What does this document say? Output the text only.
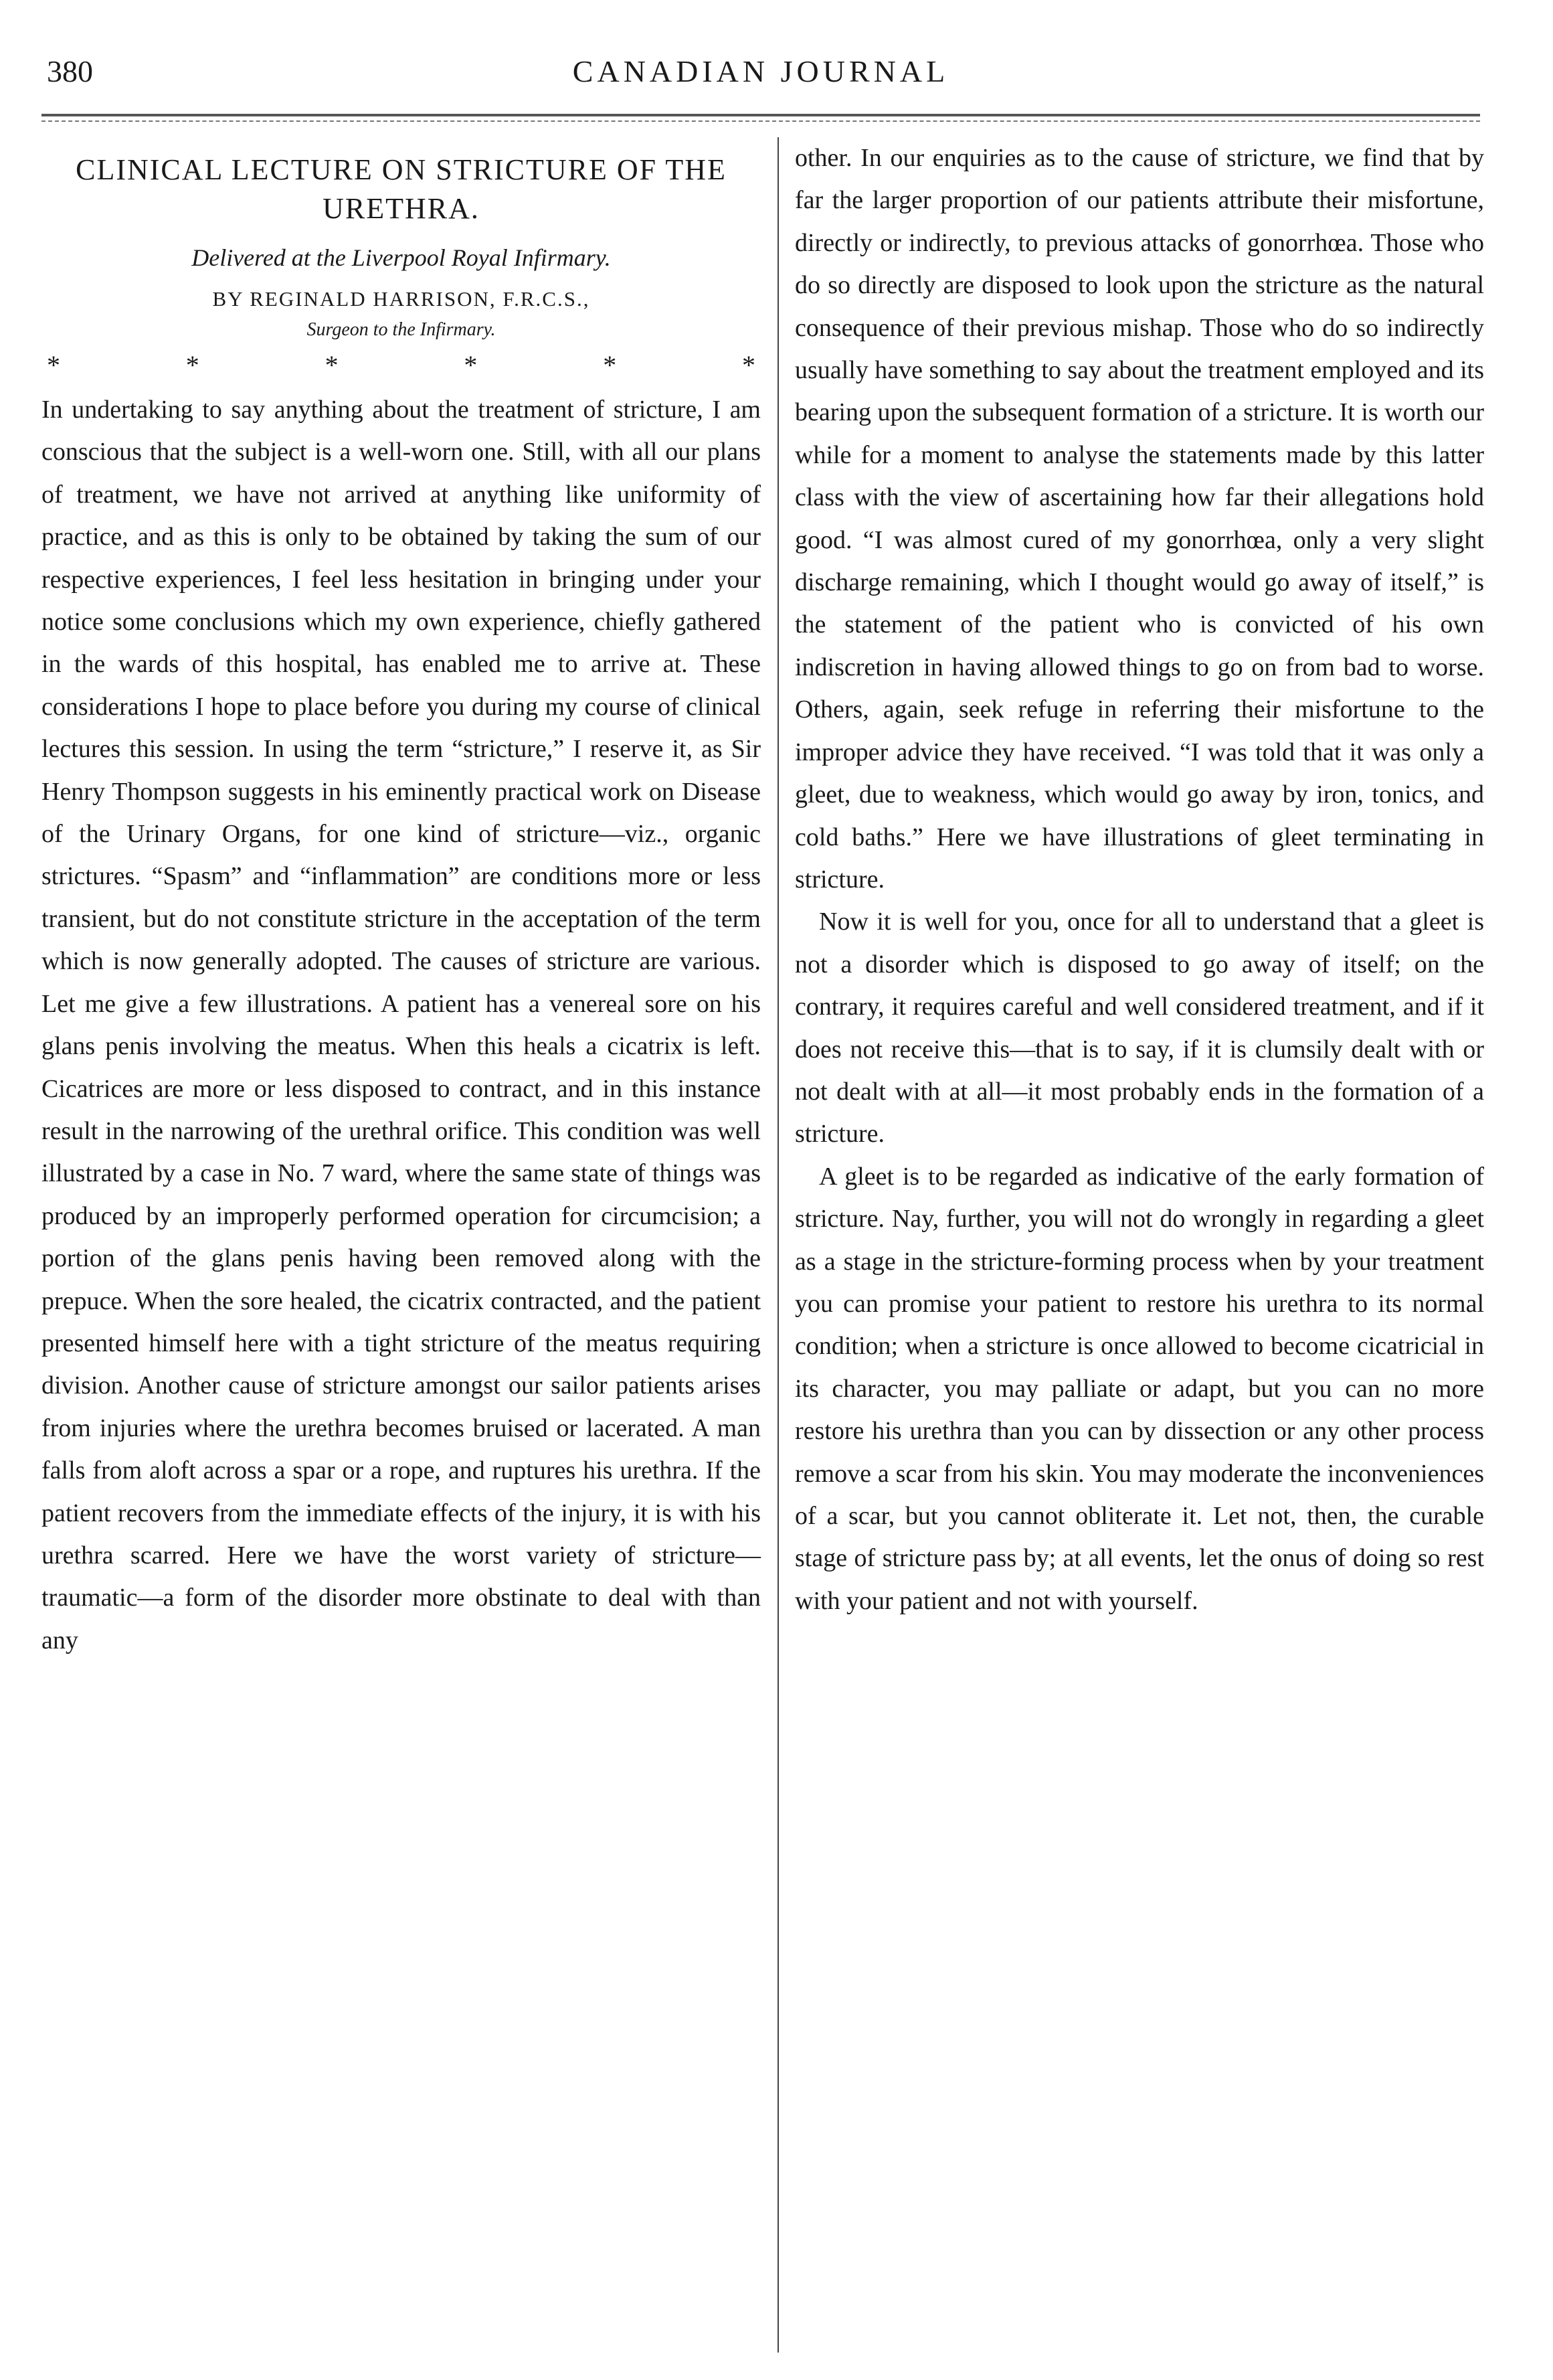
380	CANADIAN JOURNAL
CLINICAL LECTURE ON STRICTURE OF THE URETHRA.
Delivered at the Liverpool Royal Infirmary.
BY REGINALD HARRISON, F.R.C.S.,
Surgeon to the Infirmary.
*	*	*	*	*	*

In undertaking to say anything about the treatment of stricture, I am conscious that the subject is a well-worn one. Still, with all our plans of treatment, we have not arrived at anything like uniformity of practice, and as this is only to be obtained by taking the sum of our respective experiences, I feel less hesitation in bringing under your notice some conclusions which my own experience, chiefly gathered in the wards of this hospital, has enabled me to arrive at. These considerations I hope to place before you during my course of clinical lectures this session. In using the term “stricture,” I reserve it, as Sir Henry Thompson suggests in his eminently practical work on Disease of the Urinary Organs, for one kind of stricture—viz., organic strictures. “Spasm” and “inflammation” are conditions more or less transient, but do not constitute stricture in the acceptation of the term which is now generally adopted. The causes of stricture are various. Let me give a few illustrations. A patient has a venereal sore on his glans penis involving the meatus. When this heals a cicatrix is left. Cicatrices are more or less disposed to contract, and in this instance result in the narrowing of the urethral orifice. This condition was well illustrated by a case in No. 7 ward, where the same state of things was produced by an improperly performed operation for circumcision; a portion of the glans penis having been removed along with the prepuce. When the sore healed, the cicatrix contracted, and the patient presented himself here with a tight stricture of the meatus requiring division. Another cause of stricture amongst our sailor patients arises from injuries where the urethra becomes bruised or lacerated. A man falls from aloft across a spar or a rope, and ruptures his urethra. If the patient recovers from the immediate effects of the injury, it is with his urethra scarred. Here we have the worst variety of stricture—traumatic—a form of the disorder more obstinate to deal with than any

other. In our enquiries as to the cause of stricture, we find that by far the larger proportion of our patients attribute their misfortune, directly or indirectly, to previous attacks of gonorrhœa. Those who do so directly are disposed to look upon the stricture as the natural consequence of their previous mishap. Those who do so indirectly usually have something to say about the treatment employed and its bearing upon the subsequent formation of a stricture. It is worth our while for a moment to analyse the statements made by this latter class with the view of ascertaining how far their allegations hold good. “I was almost cured of my gonorrhœa, only a very slight discharge remaining, which I thought would go away of itself,” is the statement of the patient who is convicted of his own indiscretion in having allowed things to go on from bad to worse. Others, again, seek refuge in referring their misfortune to the improper advice they have received. “I was told that it was only a gleet, due to weakness, which would go away by iron, tonics, and cold baths.” Here we have illustrations of gleet terminating in stricture.

Now it is well for you, once for all to understand that a gleet is not a disorder which is disposed to go away of itself; on the contrary, it requires careful and well considered treatment, and if it does not receive this—that is to say, if it is clumsily dealt with or not dealt with at all—it most probably ends in the formation of a stricture.

A gleet is to be regarded as indicative of the early formation of stricture. Nay, further, you will not do wrongly in regarding a gleet as a stage in the stricture-forming process when by your treatment you can promise your patient to restore his urethra to its normal condition; when a stricture is once allowed to become cicatricial in its character, you may palliate or adapt, but you can no more restore his urethra than you can by dissection or any other process remove a scar from his skin. You may moderate the inconveniences of a scar, but you cannot obliterate it. Let not, then, the curable stage of stricture pass by; at all events, let the onus of doing so rest with your patient and not with yourself.
